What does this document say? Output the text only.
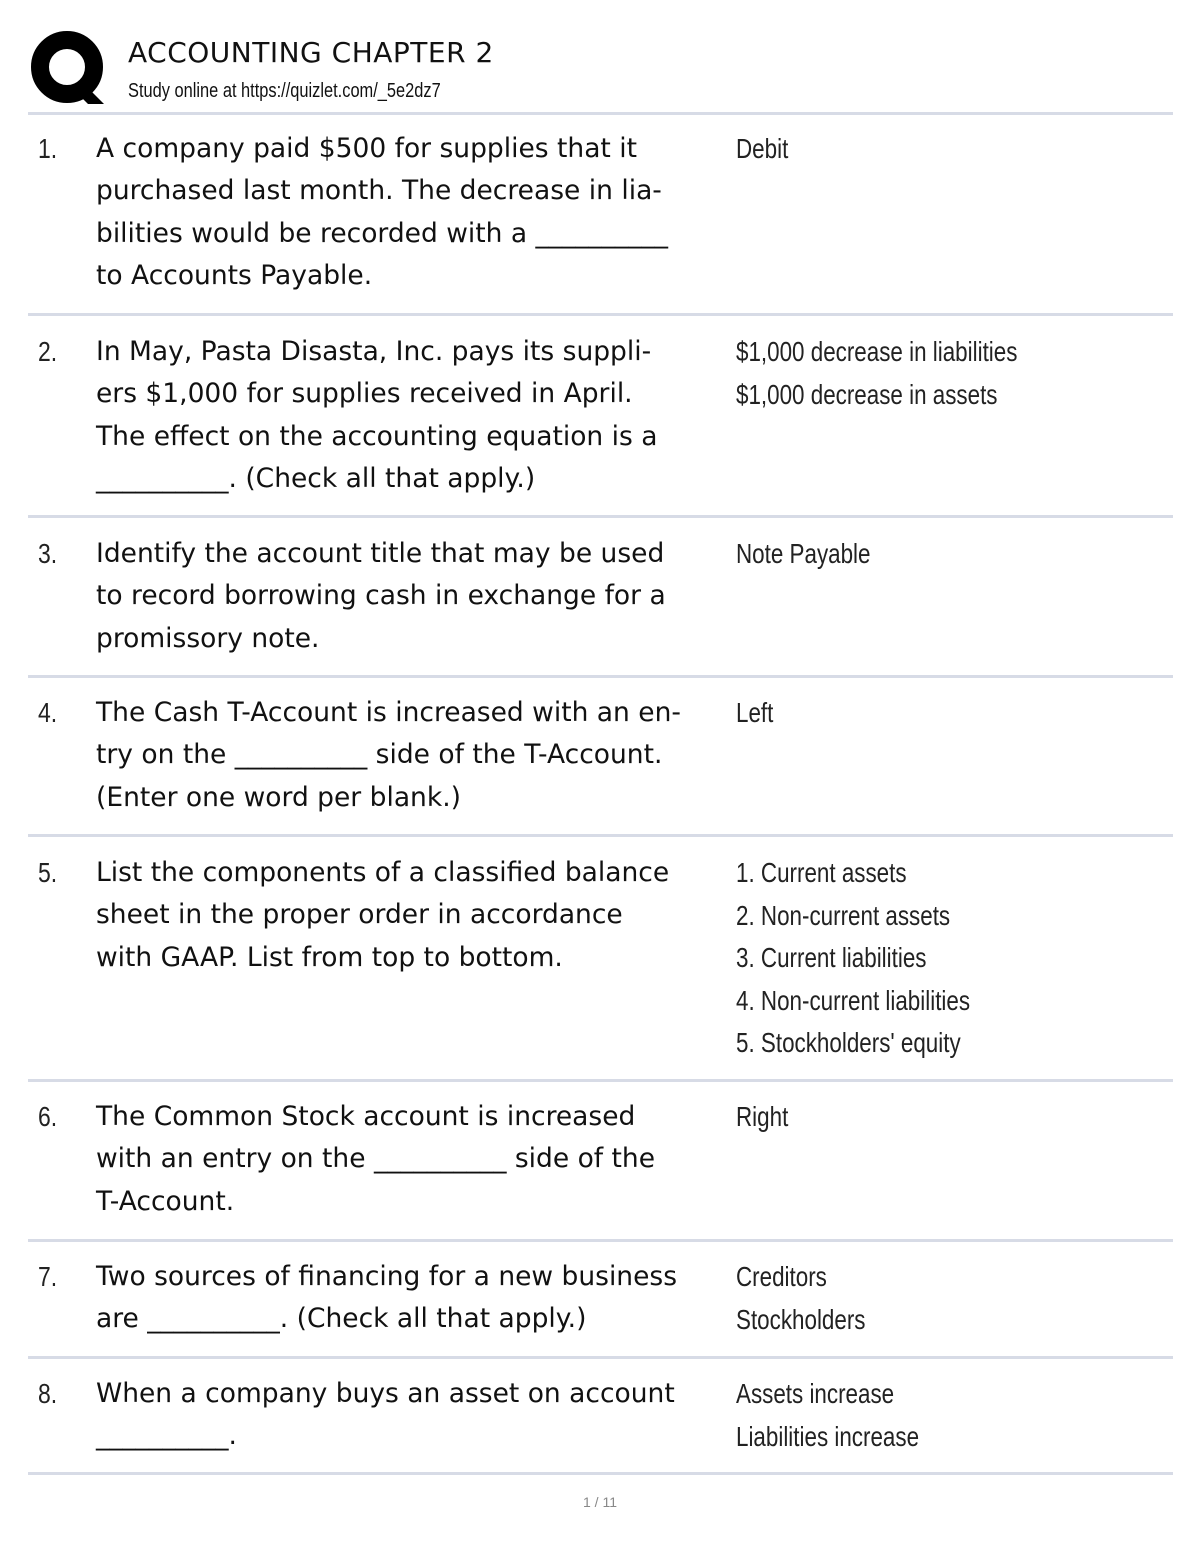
ACCOUNTING CHAPTER 2
Study online at https://quizlet.com/_5e2dz7
1. A company paid $500 for supplies that it
purchased last month. The decrease in lia-
bilities would be recorded with a __________
to Accounts Payable.
Debit
2. In May, Pasta Disasta, Inc. pays its suppli-
ers $1,000 for supplies received in April.
The effect on the accounting equation is a
__________. (Check all that apply.)
$1,000 decrease in liabilities
$1,000 decrease in assets
3. Identify the account title that may be used
to record borrowing cash in exchange for a
promissory note.
Note Payable
4. The Cash T-Account is increased with an en-
try on the __________ side of the T-Account.
(Enter one word per blank.)
Left
5. List the components of a classified balance
sheet in the proper order in accordance
with GAAP. List from top to bottom.
1. Current assets
2. Non-current assets
3. Current liabilities
4. Non-current liabilities
5. Stockholders' equity
6. The Common Stock account is increased
with an entry on the __________ side of the
T-Account.
Right
7. Two sources of financing for a new business
are __________. (Check all that apply.)
Creditors
Stockholders
8. When a company buys an asset on account
__________.
Assets increase
Liabilities increase
1 / 11
